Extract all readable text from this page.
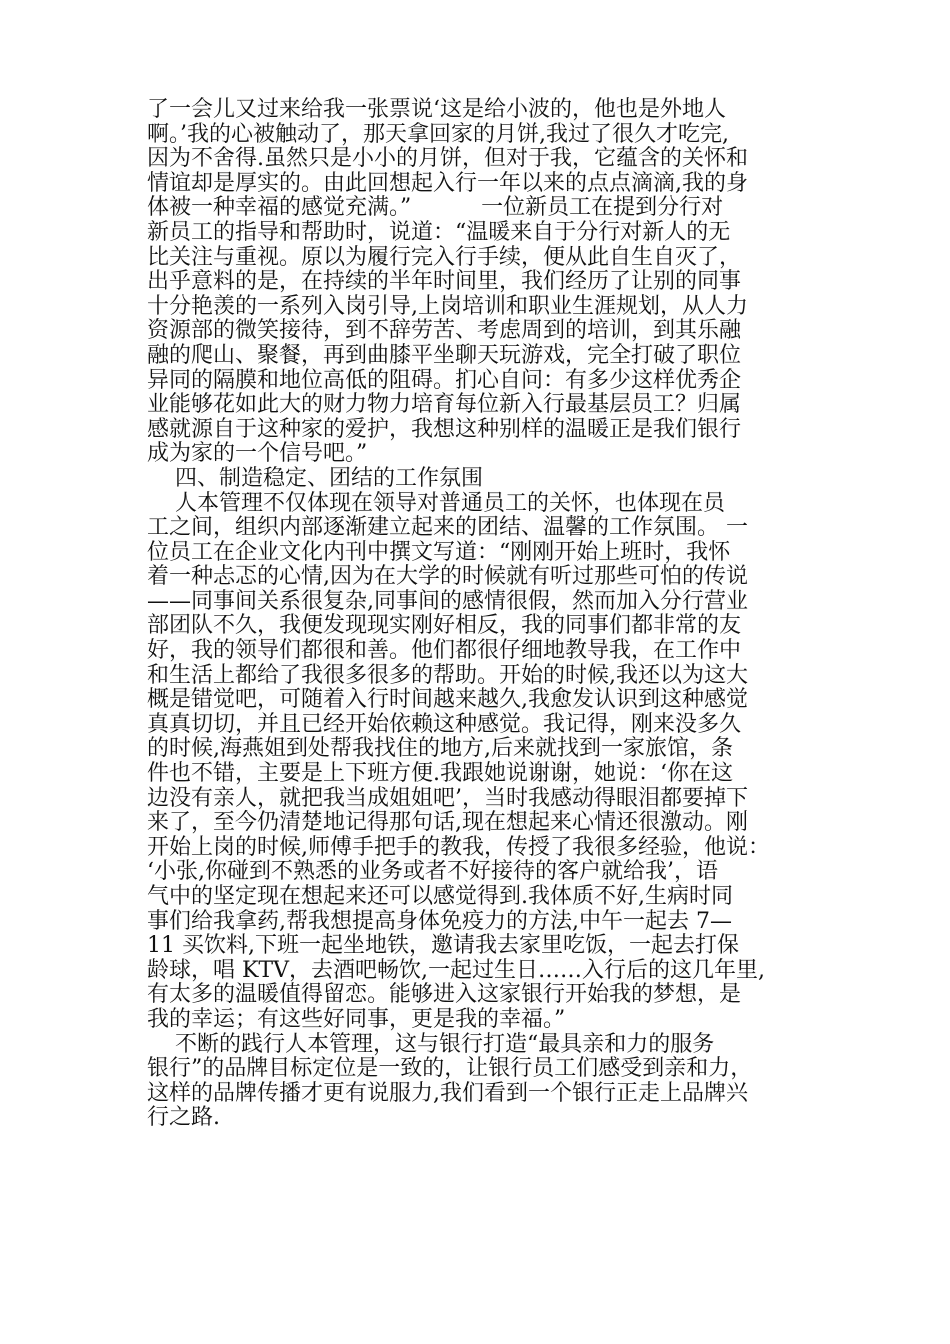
了一会儿又过来给我一张票说‘这是给小波的，他也是外地人
啊。’我的心被触动了，那天拿回家的月饼,我过了很久才吃完,
因为不舍得.虽然只是小小的月饼，但对于我，它蕴含的关怀和
情谊却是厚实的。由此回想起入行一年以来的点点滴滴,我的身
体被一种幸福的感觉充满。”          一位新员工在提到分行对
新员工的指导和帮助时，说道：“温暖来自于分行对新人的无
比关注与重视。原以为履行完入行手续，便从此自生自灭了，
出乎意料的是，在持续的半年时间里，我们经历了让别的同事
十分艳羡的一系列入岗引导,上岗培训和职业生涯规划，从人力
资源部的微笑接待，到不辞劳苦、考虑周到的培训，到其乐融
融的爬山、聚餐，再到曲膝平坐聊天玩游戏，完全打破了职位
异同的隔膜和地位高低的阻碍。扪心自问：有多少这样优秀企
业能够花如此大的财力物力培育每位新入行最基层员工？归属
感就源自于这种家的爱护，我想这种别样的温暖正是我们银行
成为家的一个信号吧。”
四、制造稳定、团结的工作氛围
人本管理不仅体现在领导对普通员工的关怀，也体现在员
工之间，组织内部逐渐建立起来的团结、温馨的工作氛围。 一
位员工在企业文化内刊中撰文写道：“刚刚开始上班时，我怀
着一种忐忑的心情,因为在大学的时候就有听过那些可怕的传说
——同事间关系很复杂,同事间的感情很假，然而加入分行营业
部团队不久，我便发现现实刚好相反，我的同事们都非常的友
好，我的领导们都很和善。他们都很仔细地教导我，在工作中
和生活上都给了我很多很多的帮助。开始的时候,我还以为这大
概是错觉吧，可随着入行时间越来越久,我愈发认识到这种感觉
真真切切，并且已经开始依赖这种感觉。我记得，刚来没多久
的时候,海燕姐到处帮我找住的地方,后来就找到一家旅馆，条
件也不错，主要是上下班方便.我跟她说谢谢，她说：‘你在这
边没有亲人，就把我当成姐姐吧’，当时我感动得眼泪都要掉下
来了，至今仍清楚地记得那句话,现在想起来心情还很激动。刚
开始上岗的时候,师傅手把手的教我，传授了我很多经验，他说：
‘小张,你碰到不熟悉的业务或者不好接待的客户就给我’，语
气中的坚定现在想起来还可以感觉得到.我体质不好,生病时同
事们给我拿药,帮我想提高身体免疫力的方法,中午一起去 7—
11 买饮料,下班一起坐地铁，邀请我去家里吃饭，一起去打保
龄球，唱 KTV，去酒吧畅饮,一起过生日……入行后的这几年里,
有太多的温暖值得留恋。能够进入这家银行开始我的梦想，是
我的幸运；有这些好同事，更是我的幸福。”
不断的践行人本管理，这与银行打造“最具亲和力的服务
银行”的品牌目标定位是一致的，让银行员工们感受到亲和力，
这样的品牌传播才更有说服力,我们看到一个银行正走上品牌兴
行之路.
